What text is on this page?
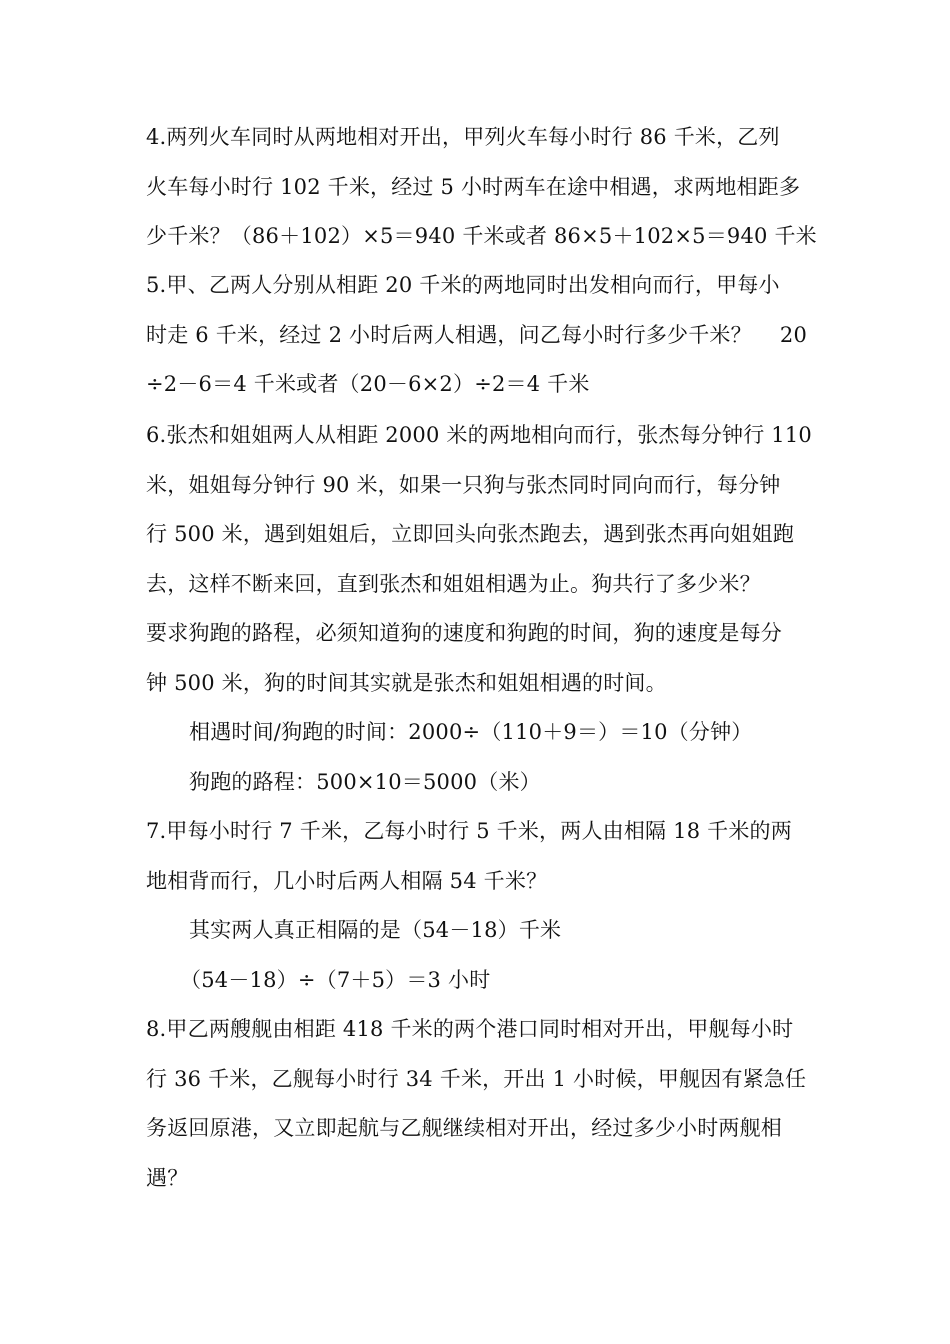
4.两列火车同时从两地相对开出，甲列火车每小时行 86 千米，乙列
火车每小时行 102 千米，经过 5 小时两车在途中相遇，求两地相距多
少千米？（86＋102）×5＝940 千米或者 86×5＋102×5＝940 千米
5.甲、乙两人分别从相距 20 千米的两地同时出发相向而行，甲每小
时走 6 千米，经过 2 小时后两人相遇，问乙每小时行多少千米？　 20
÷2－6＝4 千米或者（20－6×2）÷2＝4 千米
6.张杰和姐姐两人从相距 2000 米的两地相向而行，张杰每分钟行 110
米，姐姐每分钟行 90 米，如果一只狗与张杰同时同向而行，每分钟
行 500 米，遇到姐姐后，立即回头向张杰跑去，遇到张杰再向姐姐跑
去，这样不断来回，直到张杰和姐姐相遇为止。狗共行了多少米？
要求狗跑的路程，必须知道狗的速度和狗跑的时间，狗的速度是每分
钟 500 米，狗的时间其实就是张杰和姐姐相遇的时间。
相遇时间/狗跑的时间：2000÷（110＋9＝）＝10（分钟）
狗跑的路程：500×10＝5000（米）
7.甲每小时行 7 千米，乙每小时行 5 千米，两人由相隔 18 千米的两
地相背而行，几小时后两人相隔 54 千米？
其实两人真正相隔的是（54－18）千米
（54－18）÷（7＋5）＝3 小时
8.甲乙两艘舰由相距 418 千米的两个港口同时相对开出，甲舰每小时
行 36 千米，乙舰每小时行 34 千米，开出 1 小时候，甲舰因有紧急任
务返回原港，又立即起航与乙舰继续相对开出，经过多少小时两舰相
遇？
